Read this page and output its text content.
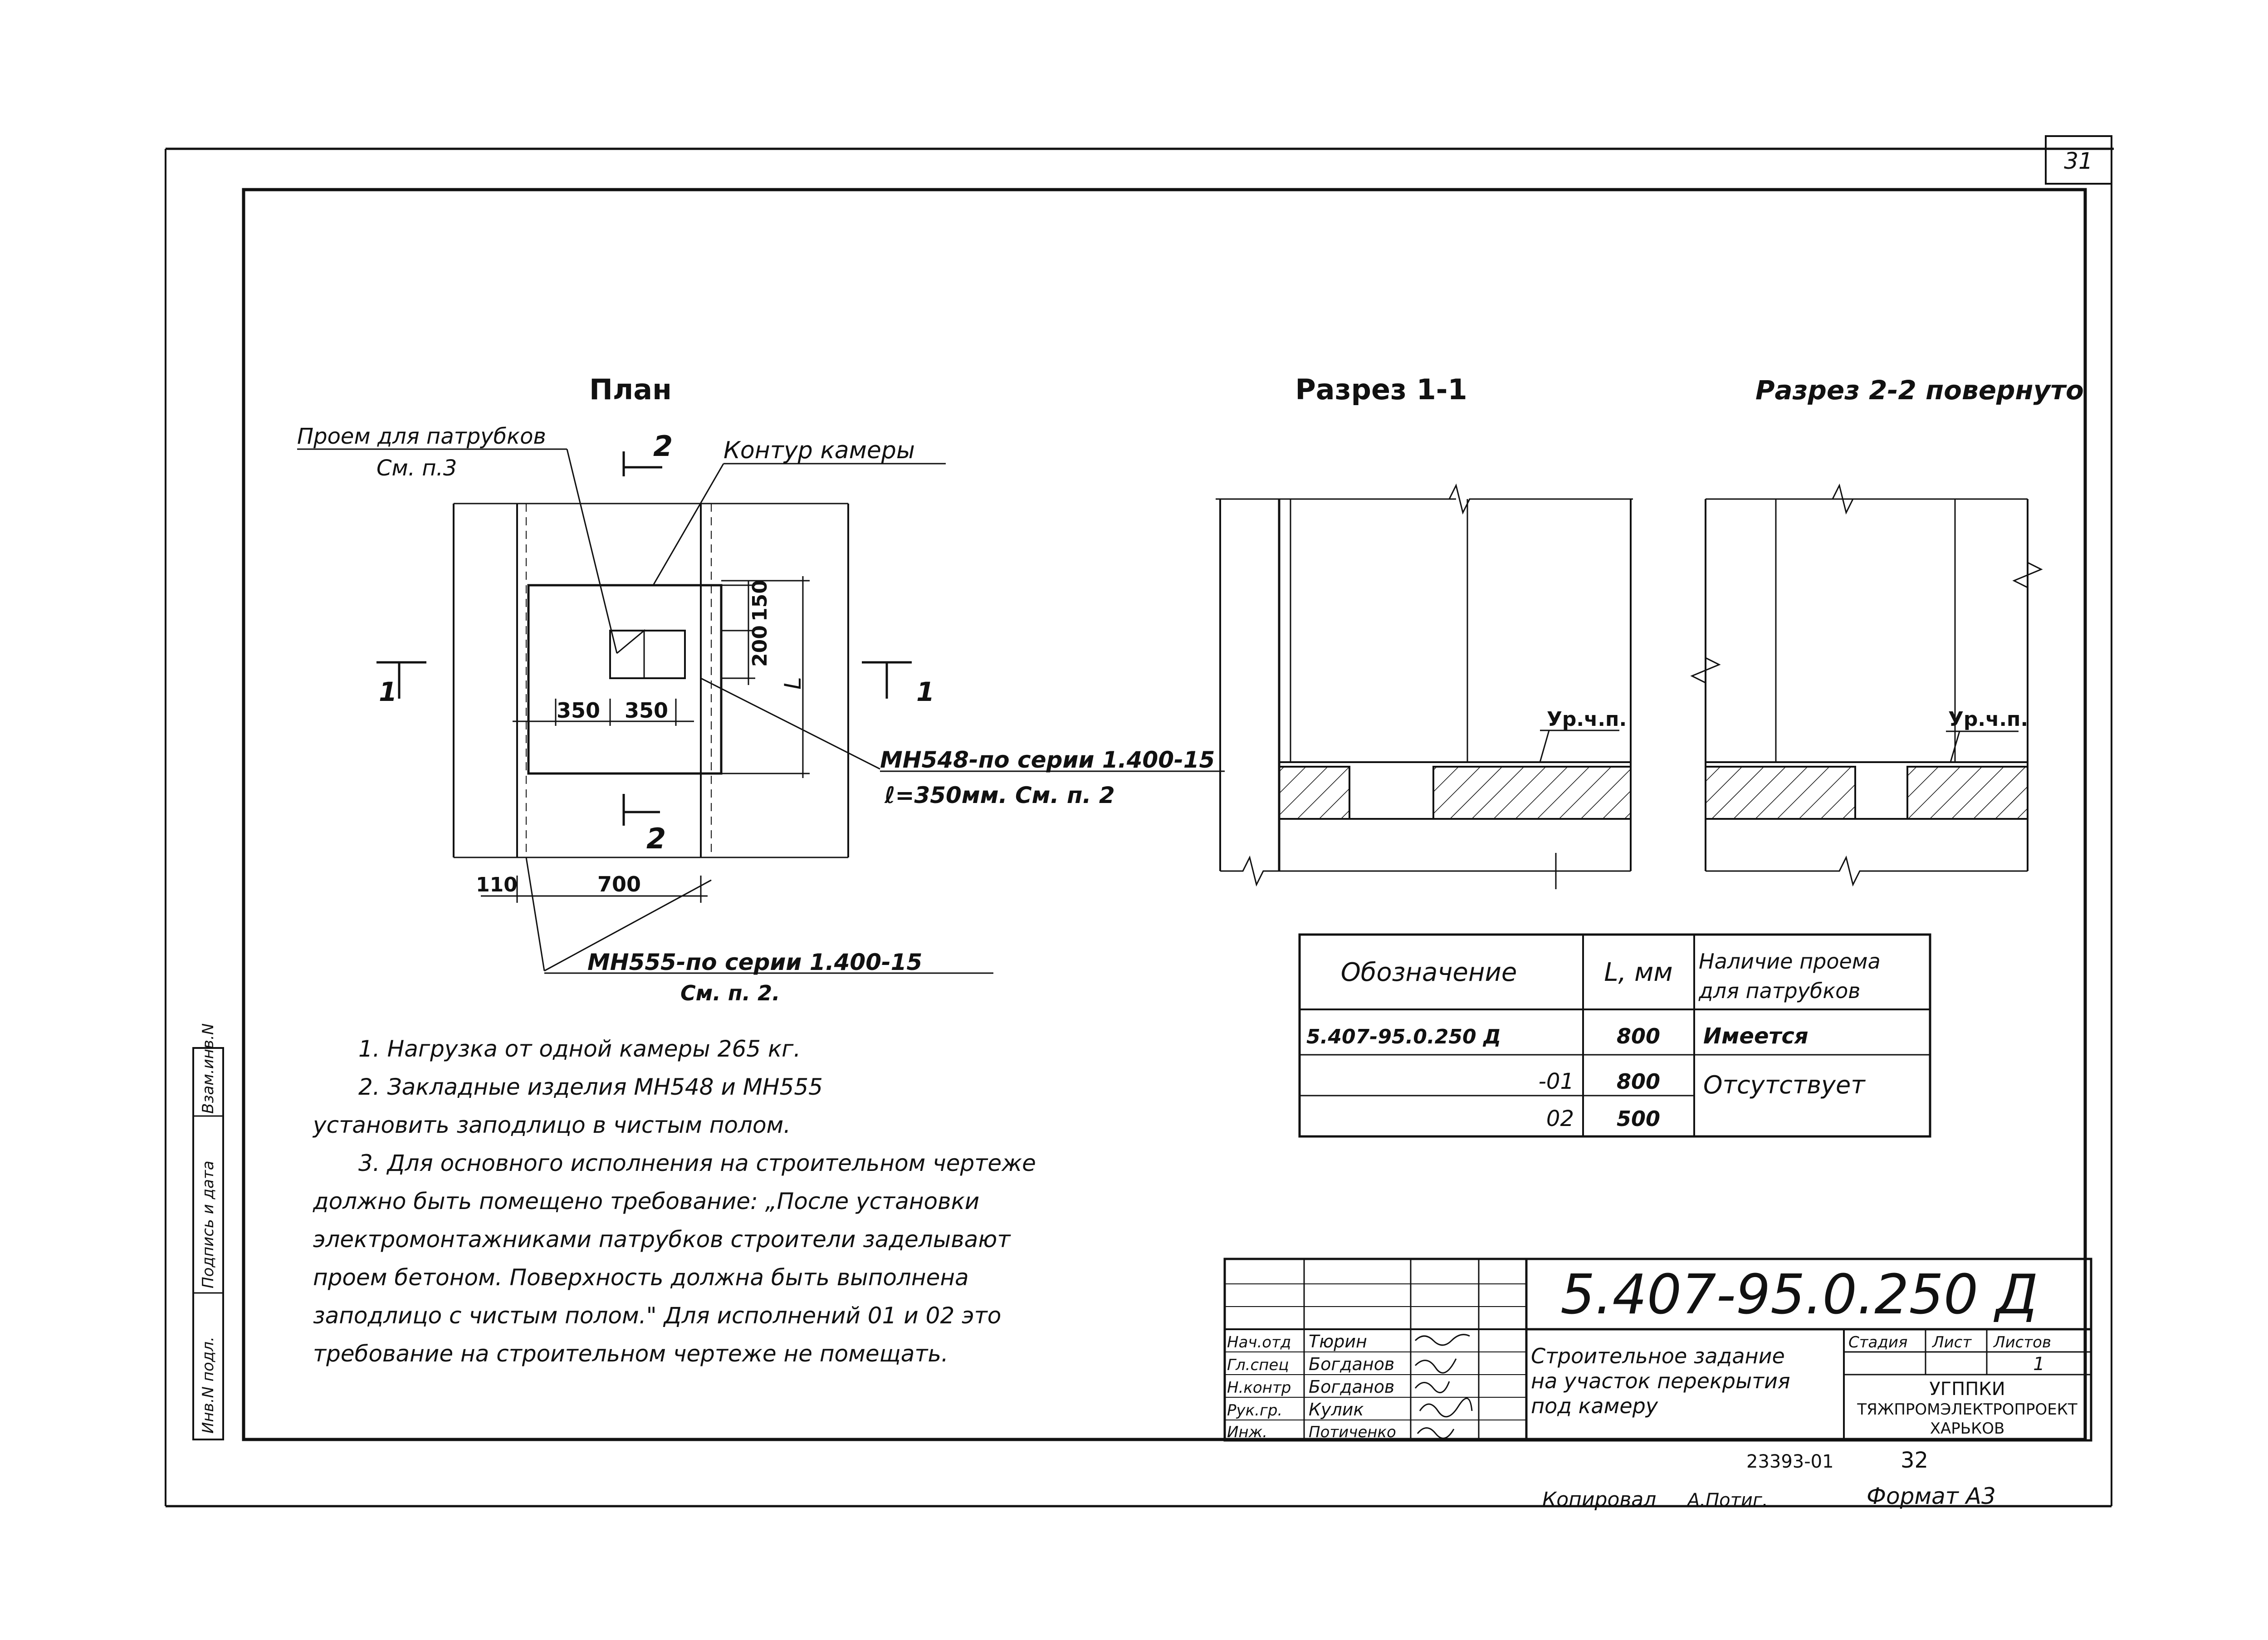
31
Инв.N подл.
Подпись и дата
Взам.инв.N
План
Проем для патрубков
См. п.3
Контур камеры
2
2
1	1
350 350
110	700
200
150
L
МН548-по серии 1.400-15
ℓ=350мм. См. п. 2
МН555-по серии 1.400-15
См. п. 2.
Разрез 1-1
Ур.ч.п.
Разрез 2-2 повернуто
Ур.ч.п.
Обозначение	L, мм Наличие проема
для патрубков
5.407-95.0.250 Д	800 Имеется
-01 800 Отсутствует
02 500
5.407-95.0.250 Д
Строительное задание
на участок перекрытия
под камеру
Стадия Лист Листов
1
УГППКИ
ТЯЖПРОМЭЛЕКТРОПРОЕКТ
ХАРЬКОВ
Нач.отд Тюрин
Гл.спец Богданов
Н.контр Богданов
Рук.гр. Кулик
Инж.	Потиченко
23393-01	32
Копировал А.Потиг.	Формат А3
1. Нагрузка от одной камеры 265 кг.
2. Закладные изделия МН548 и МН555
установить заподлицо в чистым полом.
3. Для основного исполнения на строительном чертеже
должно быть помещено требование: „После установки
электромонтажниками патрубков строители заделывают
проем бетоном. Поверхность должна быть выполнена
заподлицо с чистым полом." Для исполнений 01 и 02 это
требование на строительном чертеже не помещать.
